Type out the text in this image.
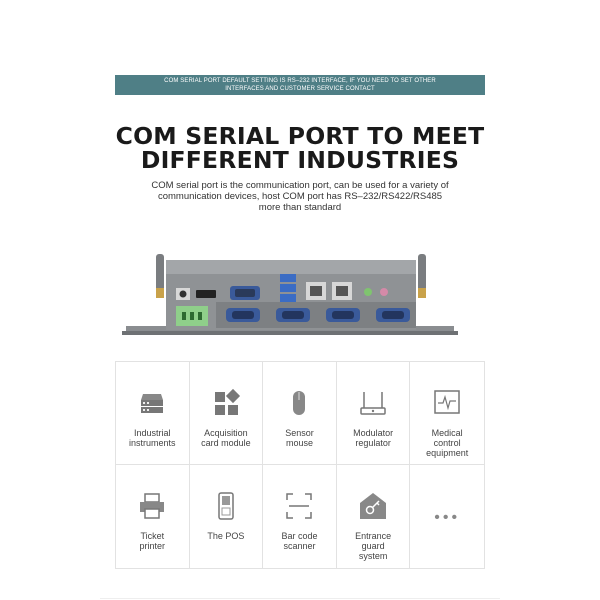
COM SERIAL PORT DEFAULT SETTING IS RS–232 INTERFACE, IF YOU NEED TO SET OTHER
INTERFACES AND CUSTOMER SERVICE CONTACT
COM SERIAL PORT TO MEET
DIFFERENT INDUSTRIES
COM serial port is the communication port, can be used for a variety of
communication devices, host COM port has RS–232/RS422/RS485
more than standard
Industrial
instruments
Acquisition
card module
Sensor
mouse
Modulator
regulator
Medical
control
equipment
Ticket
printer
The POS	Bar code
scanner
Entrance
guard
system
•••
